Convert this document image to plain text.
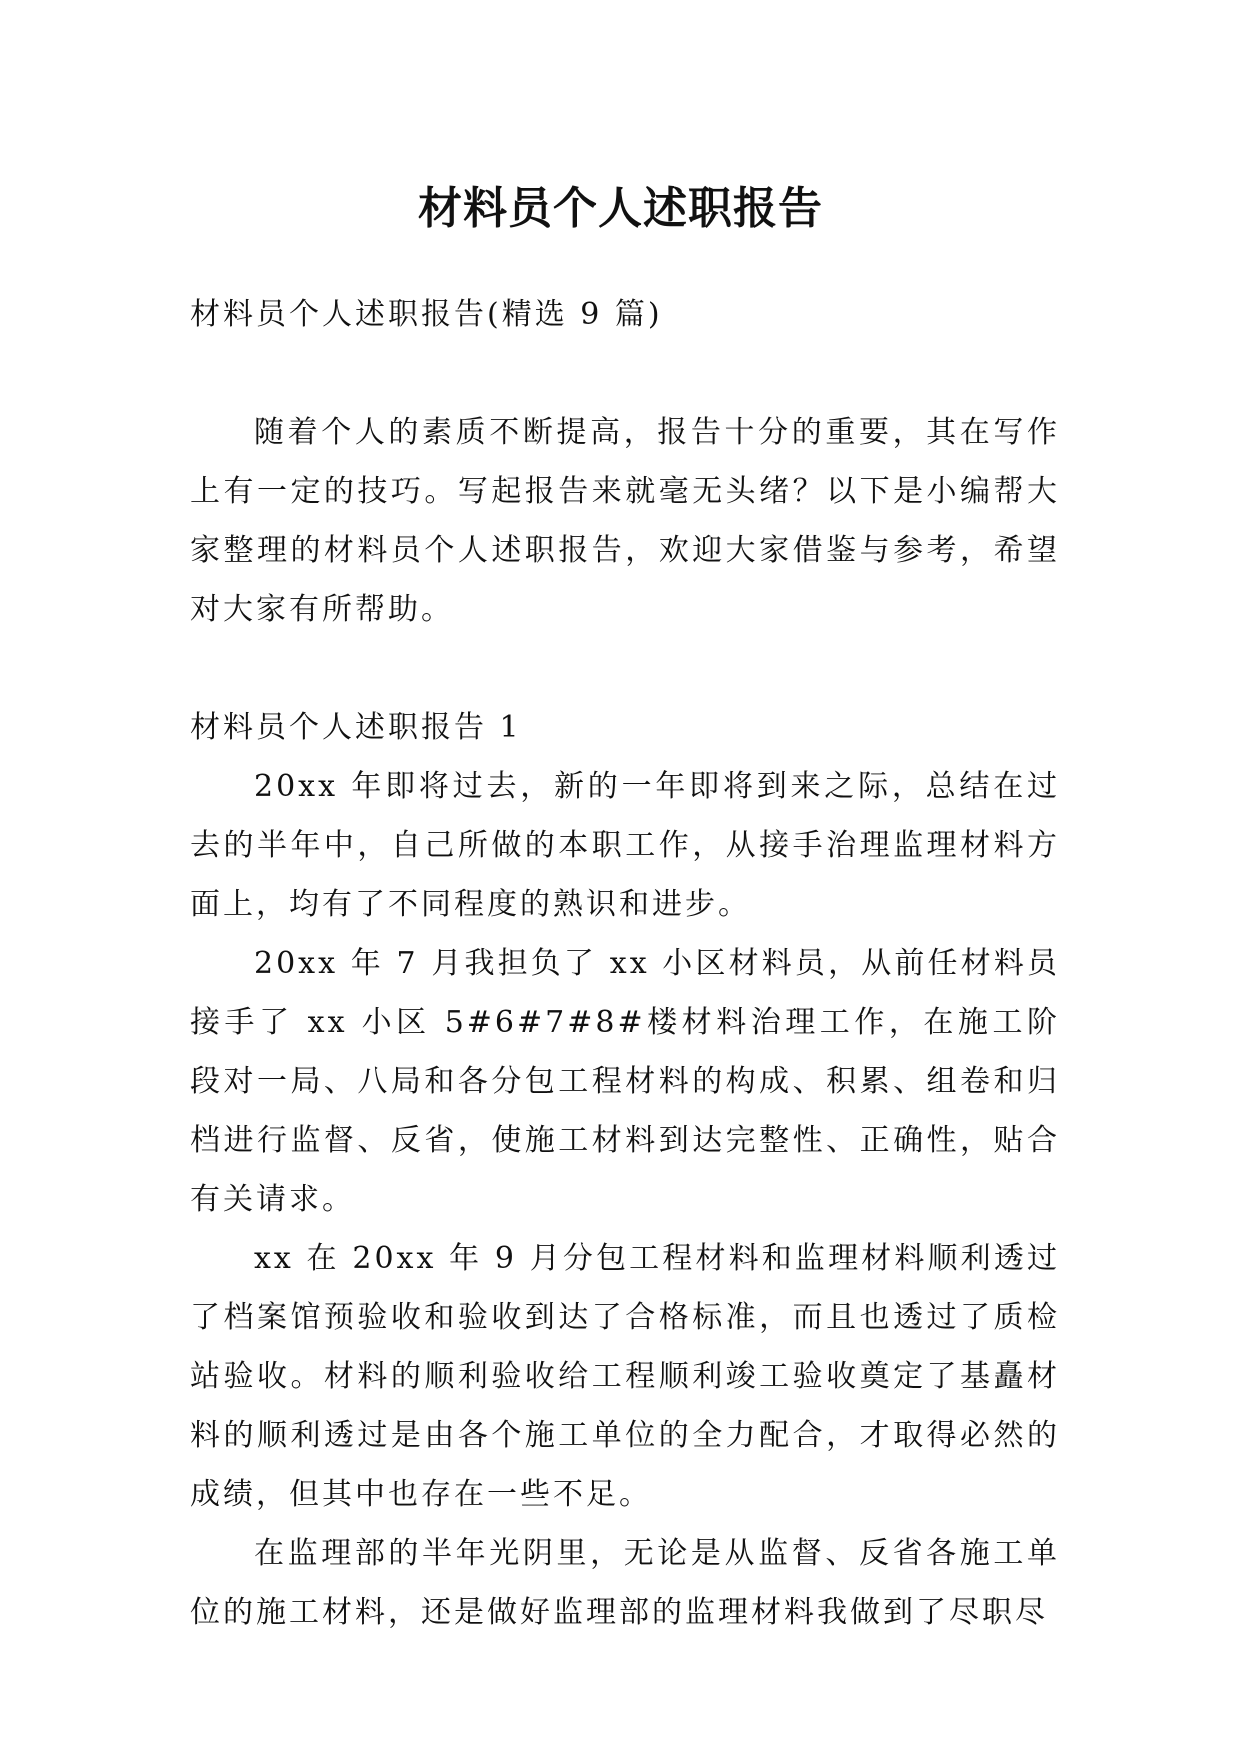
材料员个人述职报告

材料员个人述职报告(精选 9 篇)

随着个人的素质不断提高，报告十分的重要，其在写作上有一定的技巧。写起报告来就毫无头绪？以下是小编帮大家整理的材料员个人述职报告，欢迎大家借鉴与参考，希望对大家有所帮助。

材料员个人述职报告 1

20xx 年即将过去，新的一年即将到来之际，总结在过去的半年中，自己所做的本职工作，从接手治理监理材料方面上，均有了不同程度的熟识和进步。

20xx 年 7 月我担负了 xx 小区材料员，从前任材料员接手了 xx 小区 5#6#7#8#楼材料治理工作，在施工阶段对一局、八局和各分包工程材料的构成、积累、组卷和归档进行监督、反省，使施工材料到达完整性、正确性，贴合有关请求。

xx 在 20xx 年 9 月分包工程材料和监理材料顺利透过了档案馆预验收和验收到达了合格标准，而且也透过了质检站验收。材料的顺利验收给工程顺利竣工验收奠定了基矗材料的顺利透过是由各个施工单位的全力配合，才取得必然的成绩，但其中也存在一些不足。

在监理部的半年光阴里，无论是从监督、反省各施工单位的施工材料，还是做好监理部的监理材料我做到了尽职尽
